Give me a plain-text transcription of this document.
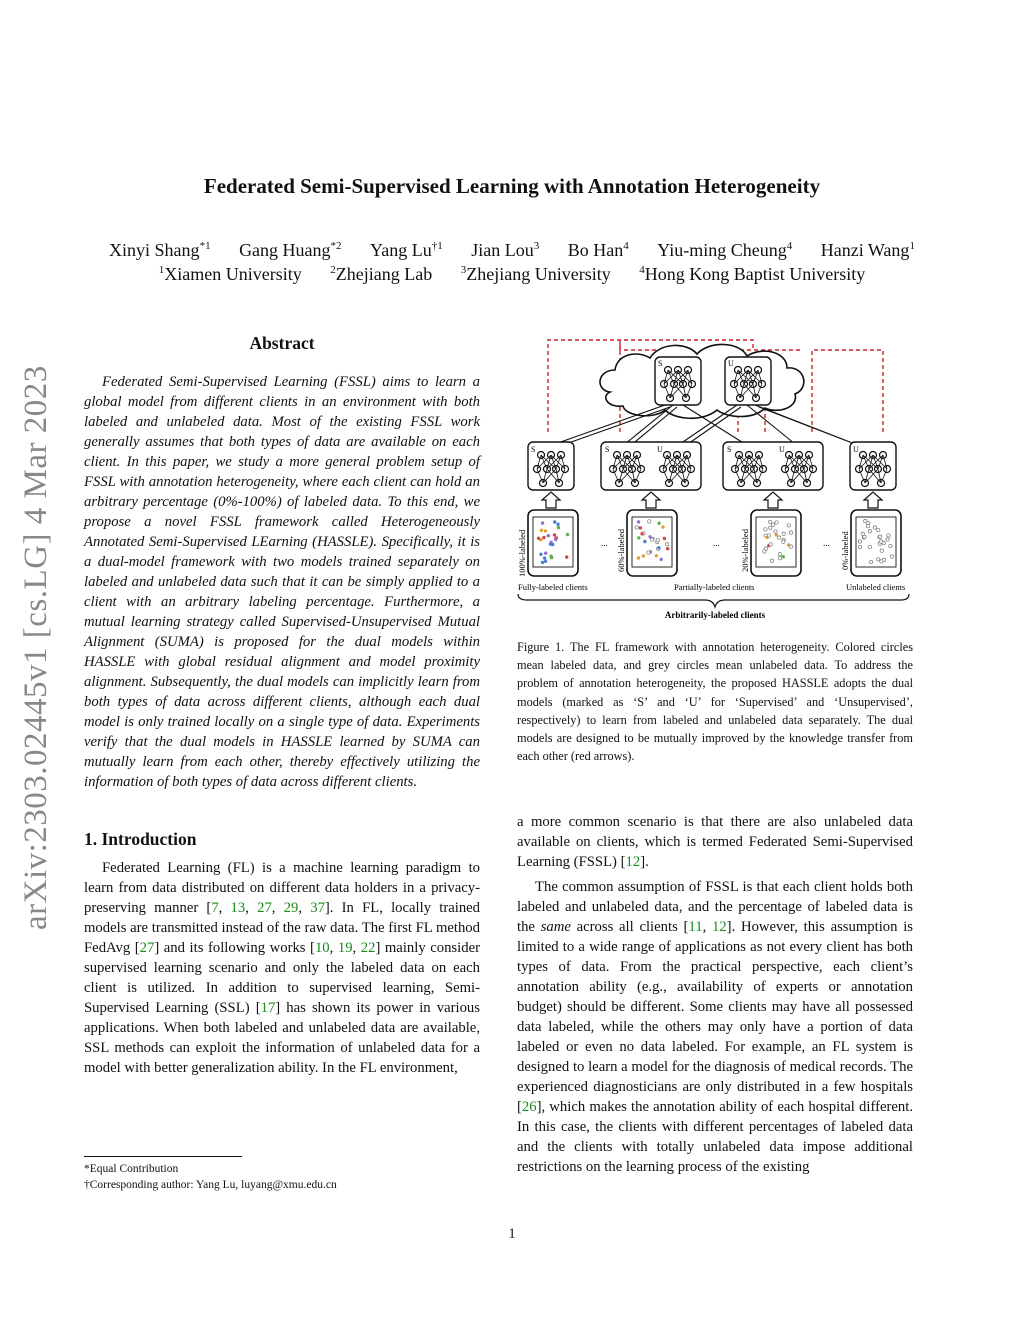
Federated Semi-Supervised Learning with Annotation Heterogeneity
Xinyi Shang$^{*1}$ Gang Huang$^{*2}$ Yang Lu$^{\dagger 1}$ Jian Lou$^3$ Bo Han$^4$ Yiu-ming Cheung$^4$ Hanzi Wang$^1$
$^1$Xiamen University	$^2$Zhejiang Lab	$^3$Zhejiang University	$^4$Hong Kong Baptist University
arXiv:2303.02445v1 [cs.LG] 4 Mar 2023
Abstract

Federated Semi-Supervised Learning (FSSL) aims to learn a global model from different clients in an environment with both labeled and unlabeled data. Most of the existing FSSL work generally assumes that both types of data are available on each client. In this paper, we study a more general problem setup of FSSL with annotation heterogeneity, where each client can hold an arbitrary percentage (0%-100%) of labeled data. To this end, we propose a novel FSSL framework called Heterogeneously Annotated Semi-Supervised LEarning (HASSLE). Specifically, it is a dual-model framework with two models trained separately on labeled and unlabeled data such that it can be simply applied to a client with an arbitrary labeling percentage. Furthermore, a mutual learning strategy called Supervised-Unsupervised Mutual Alignment (SUMA) is proposed for the dual models within HASSLE with global residual alignment and model proximity alignment. Subsequently, the dual models can implicitly learn from both types of data across different clients, although each dual model is only trained locally on a single type of data. Experiments verify that the dual models in HASSLE learned by SUMA can mutually learn from each other, thereby effectively utilizing the information of both types of data across different clients.

1. Introduction

Federated Learning (FL) is a machine learning paradigm to learn from data distributed on different data holders in a privacy-preserving manner [7, 13, 27, 29, 37]. In FL, locally trained models are transmitted instead of the raw data. The first FL method FedAvg [27] and its following works [10, 19, 22] mainly consider supervised learning scenario and only the labeled data on each client is utilized. In addition to supervised learning, Semi-Supervised Learning (SSL) [17] has shown its power in various applications. When both labeled and unlabeled data are available, SSL methods can exploit the information of unlabeled data for a model with better generalization ability. In the FL environment,

*Equal Contribution
†Corresponding author: Yang Lu, luyang@xmu.edu.cn
S	U
S	S	U	S	U	U
100%-labeled	60%-labeled	20%-labeled	0%-labeled
...	...	...
Fully-labeled clients	Partially-labeled clients	Unlabeled clients
Arbitrarily-labeled clients
Figure 1. The FL framework with annotation heterogeneity. Colored circles mean labeled data, and grey circles mean unlabeled data. To address the problem of annotation heterogeneity, the proposed HASSLE adopts the dual models (marked as ‘S’ and ‘U’ for ‘Supervised’ and ‘Unsupervised’, respectively) to learn from labeled and unlabeled data separately. The dual models are designed to be mutually improved by the knowledge transfer from each other (red arrows).

a more common scenario is that there are also unlabeled data available on clients, which is termed Federated Semi-Supervised Learning (FSSL) [12].

The common assumption of FSSL is that each client holds both labeled and unlabeled data, and the percentage of labeled data is the same across all clients [11, 12]. However, this assumption is limited to a wide range of applications as not every client has both types of data. From the practical perspective, each client’s annotation ability (e.g., availability of experts or annotation budget) should be different. Some clients may have all possessed data labeled, while the others may only have a portion of data labeled or even no data labeled. For example, an FL system is designed to learn a model for the diagnosis of medical records. The experienced diagnosticians are only distributed in a few hospitals [26], which makes the annotation ability of each hospital different. In this case, the clients with different percentages of labeled data and the clients with totally unlabeled data impose additional restrictions on the learning process of the existing

1
